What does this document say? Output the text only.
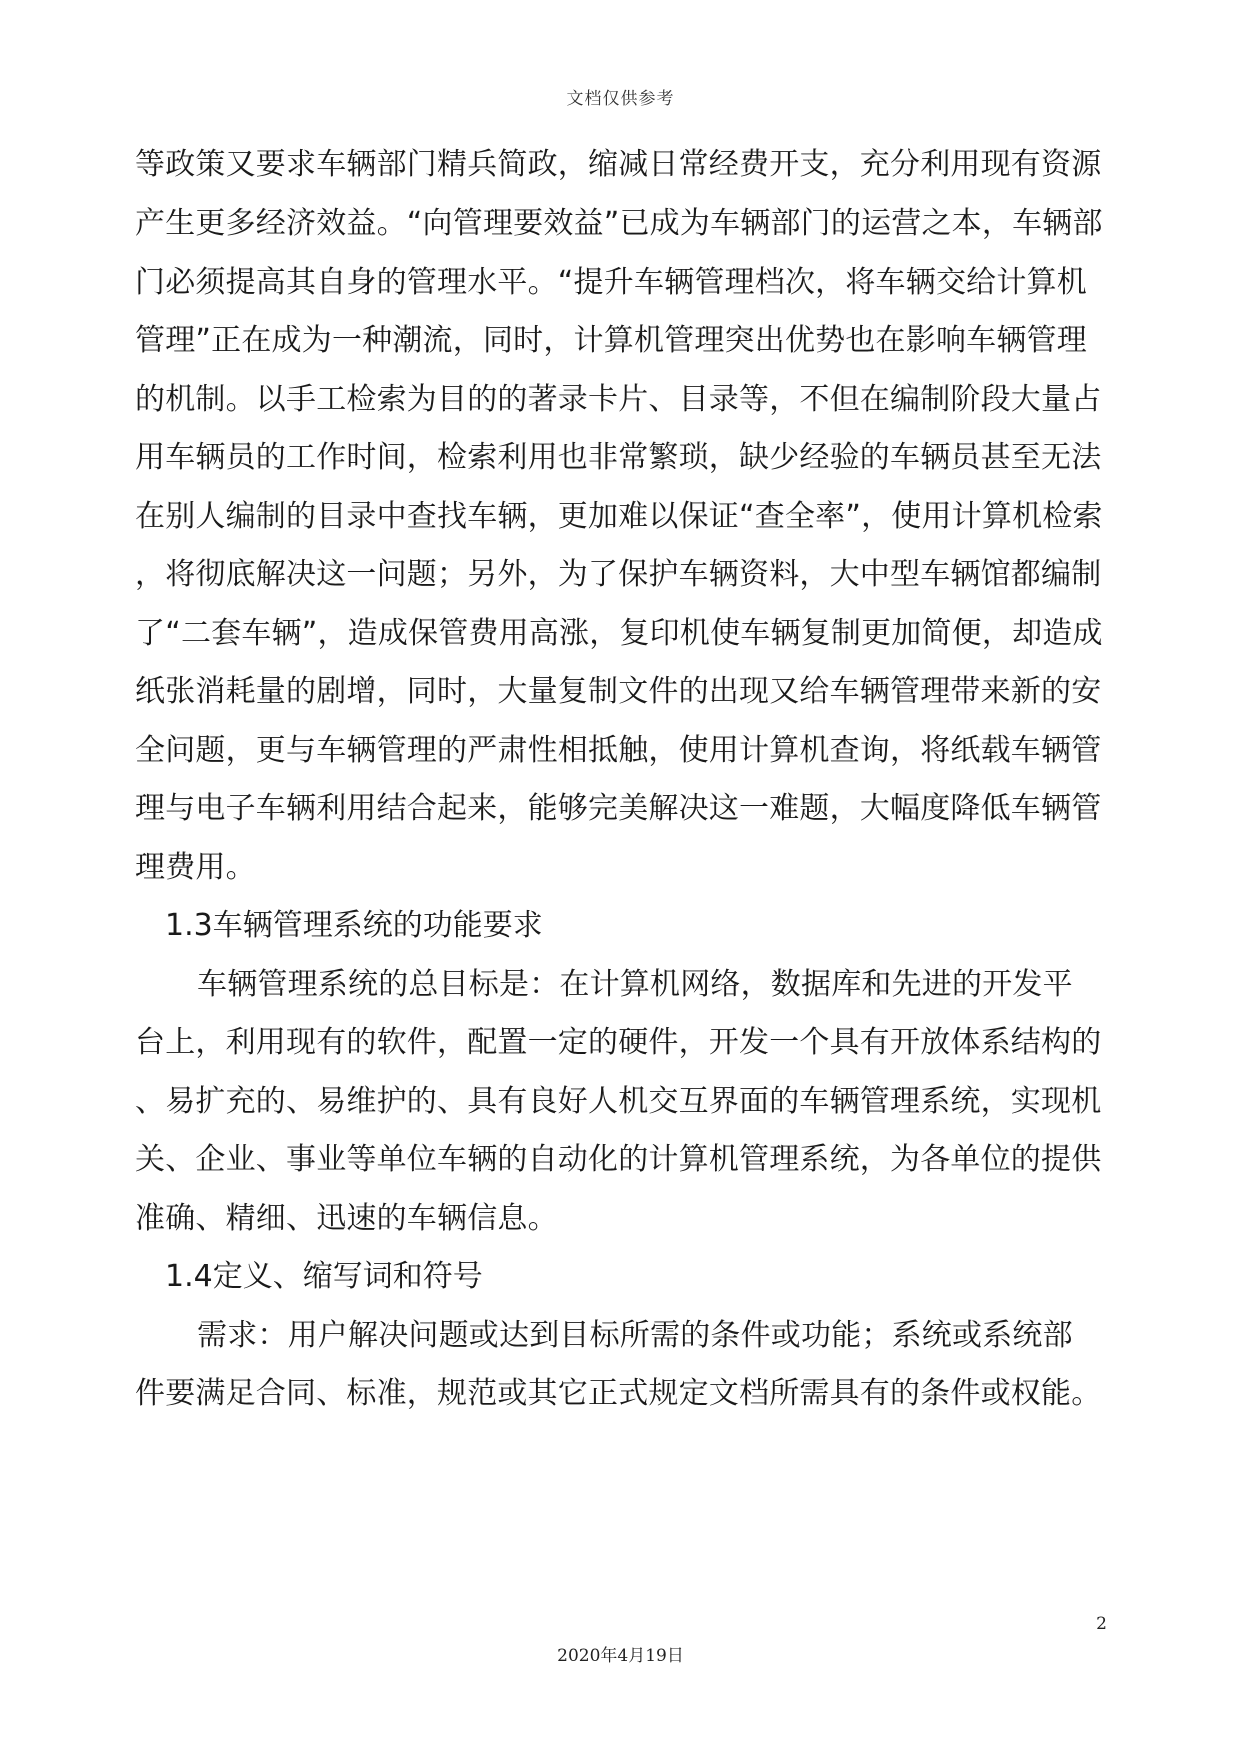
文档仅供参考
等政策又要求车辆部门精兵简政，缩减日常经费开支，充分利用现有资源
产生更多经济效益。“向管理要效益”已成为车辆部门的运营之本，车辆部
门必须提高其自身的管理水平。“提升车辆管理档次，将车辆交给计算机
管理”正在成为一种潮流，同时，计算机管理突出优势也在影响车辆管理
的机制。以手工检索为目的的著录卡片、目录等，不但在编制阶段大量占
用车辆员的工作时间，检索利用也非常繁琐，缺少经验的车辆员甚至无法
在别人编制的目录中查找车辆，更加难以保证“查全率”，使用计算机检索
，将彻底解决这一问题；另外，为了保护车辆资料，大中型车辆馆都编制
了“二套车辆”，造成保管费用高涨，复印机使车辆复制更加简便，却造成
纸张消耗量的剧增，同时，大量复制文件的出现又给车辆管理带来新的安
全问题，更与车辆管理的严肃性相抵触，使用计算机查询，将纸载车辆管
理与电子车辆利用结合起来，能够完美解决这一难题，大幅度降低车辆管
理费用。
1.3车辆管理系统的功能要求
车辆管理系统的总目标是：在计算机网络，数据库和先进的开发平
台上，利用现有的软件，配置一定的硬件，开发一个具有开放体系结构的
、易扩充的、易维护的、具有良好人机交互界面的车辆管理系统，实现机
关、企业、事业等单位车辆的自动化的计算机管理系统，为各单位的提供
准确、精细、迅速的车辆信息。
1.4定义、缩写词和符号
需求：用户解决问题或达到目标所需的条件或功能；系统或系统部
件要满足合同、标准，规范或其它正式规定文档所需具有的条件或权能。
2
2020年4月19日
